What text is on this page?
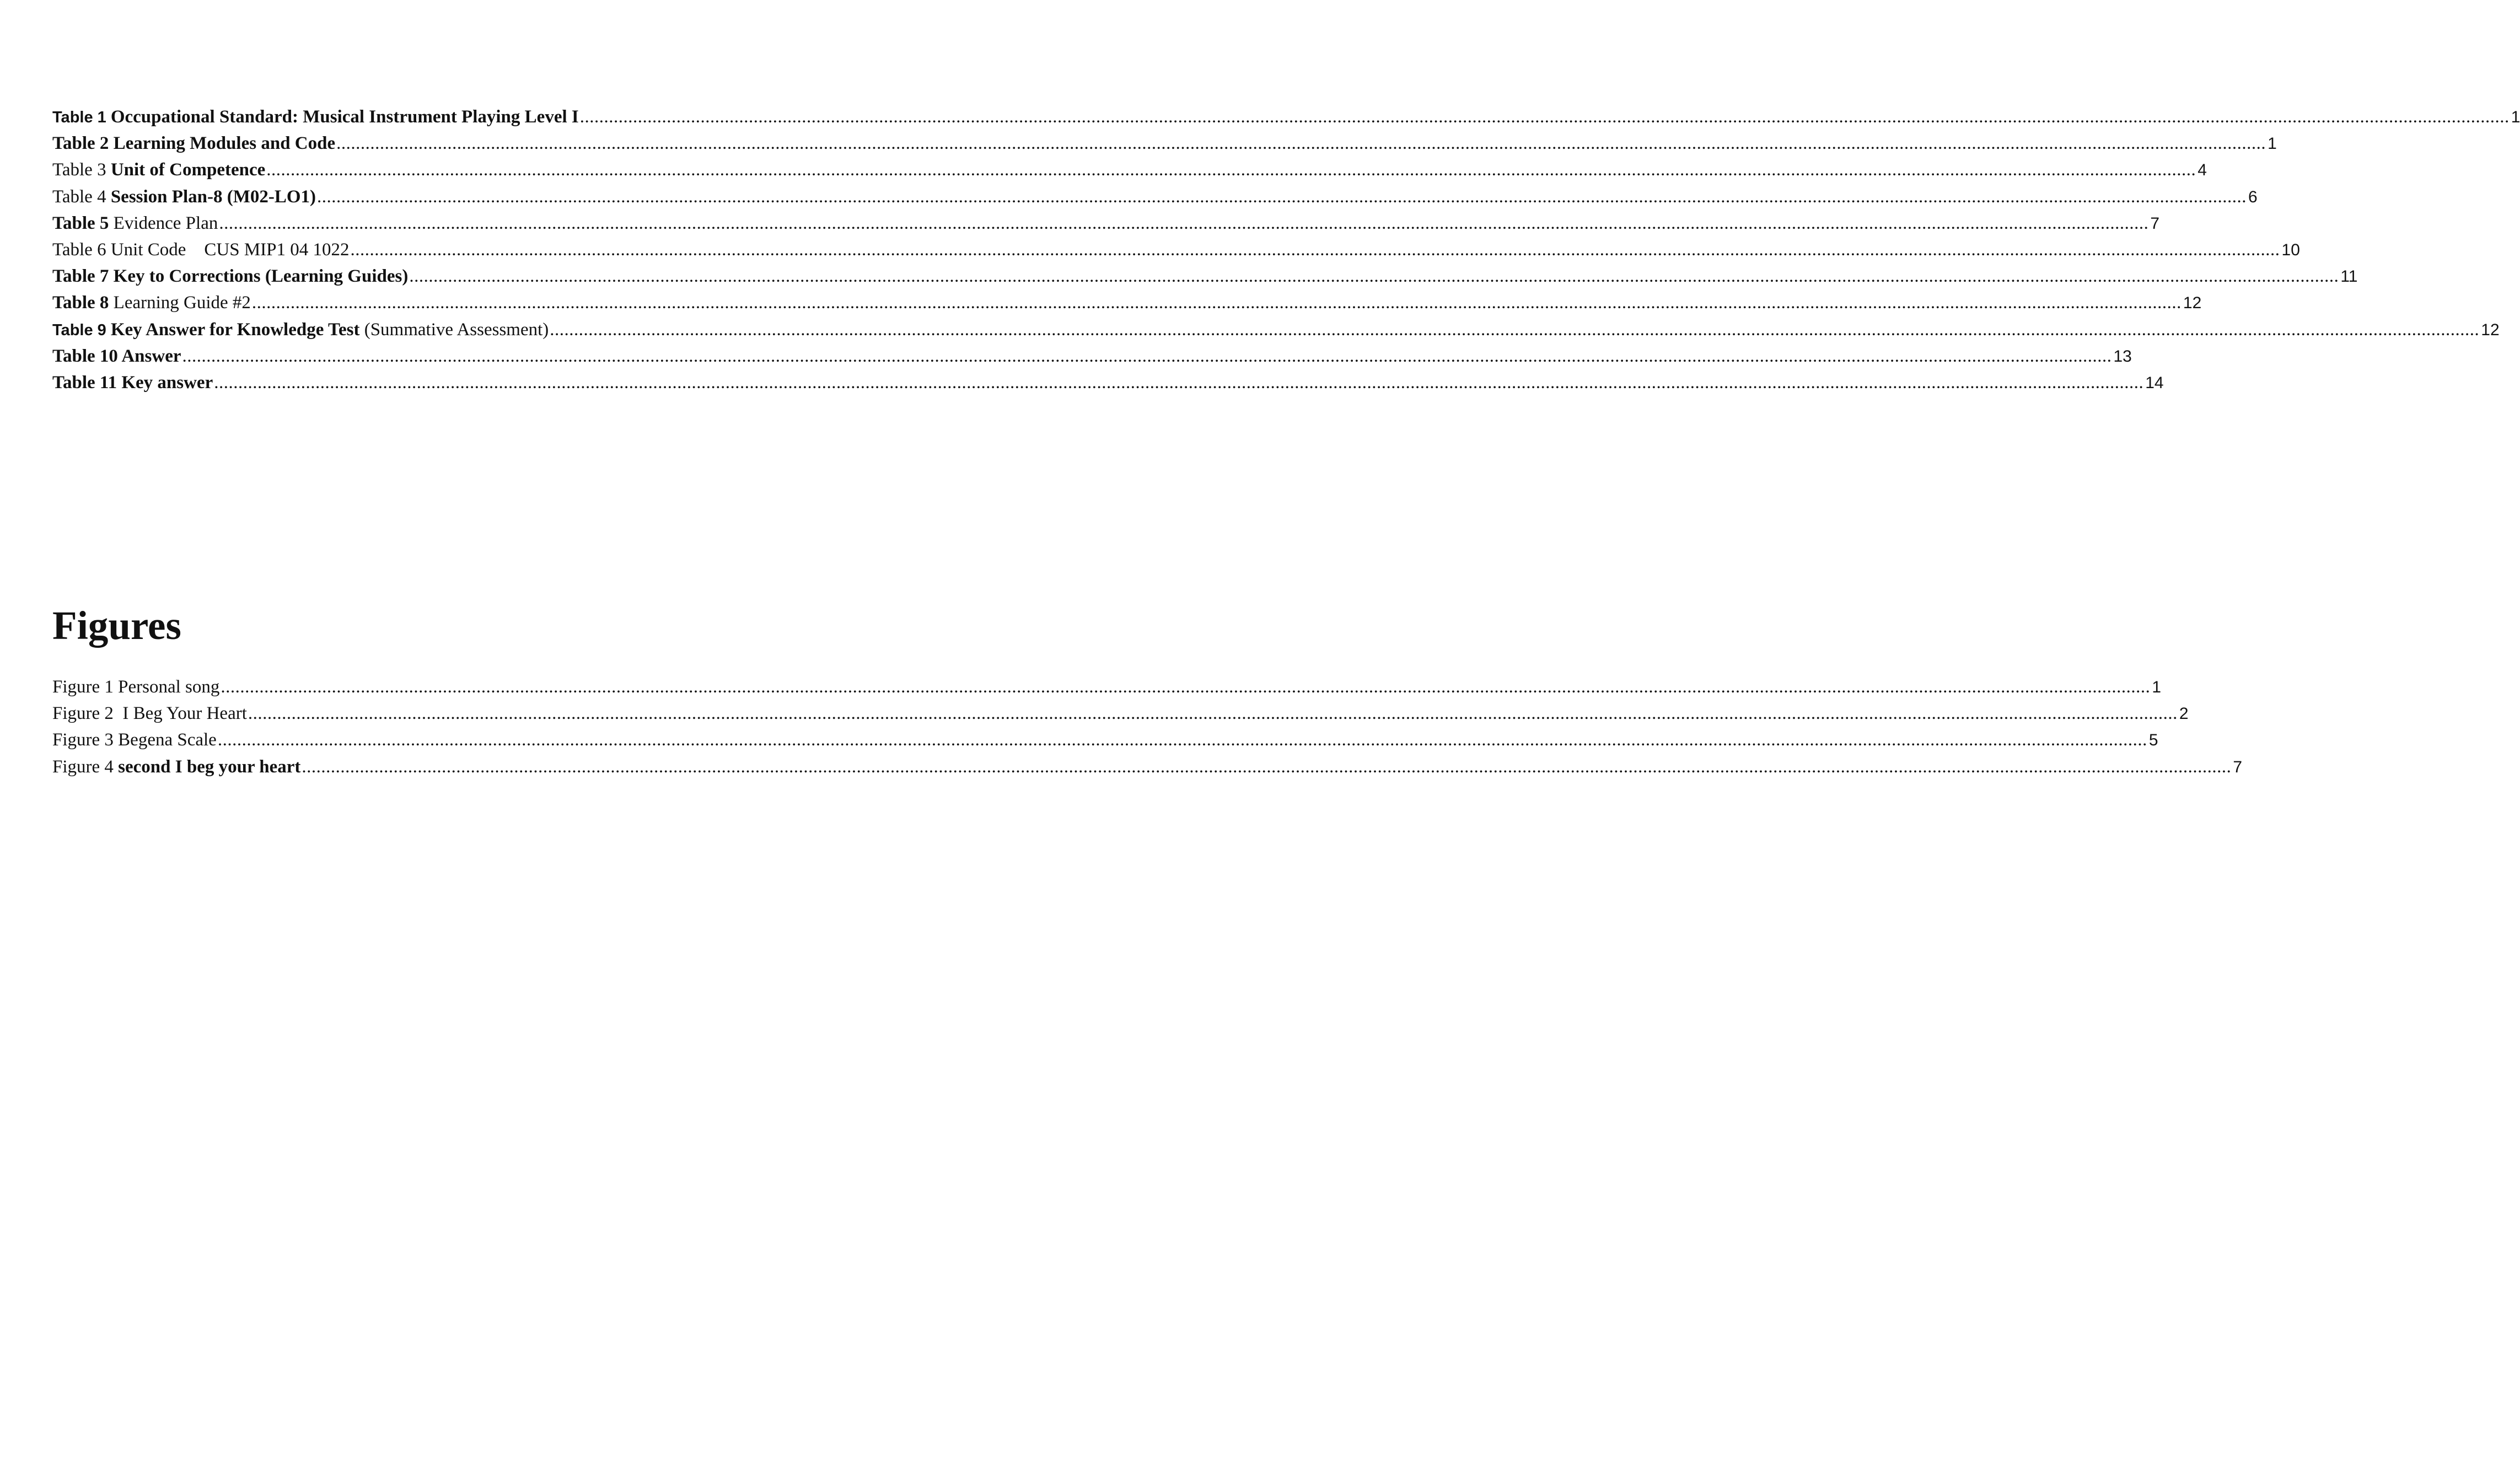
Table 1 Occupational Standard: Musical Instrument Playing Level I ................................................................................................................................................................................................................................................................................................................................................................................................................ 1
Table 2 Learning Modules and Code ................................................................................................................................................................................................................................................................................................................................................................................................................ 1
Table 3 Unit of Competence ................................................................................................................................................................................................................................................................................................................................................................................................................ 4
Table 4 Session Plan-8 (M02-LO1) ................................................................................................................................................................................................................................................................................................................................................................................................................ 6
Table 5 Evidence Plan ................................................................................................................................................................................................................................................................................................................................................................................................................ 7
Table 6 Unit Code    CUS MIP1 04 1022 ................................................................................................................................................................................................................................................................................................................................................................................................................ 10
Table 7 Key to Corrections (Learning Guides) ................................................................................................................................................................................................................................................................................................................................................................................................................ 11
Table 8 Learning Guide #2 ................................................................................................................................................................................................................................................................................................................................................................................................................ 12
Table 9 Key Answer for Knowledge Test (Summative Assessment) ................................................................................................................................................................................................................................................................................................................................................................................................................ 12
Table 10 Answer ................................................................................................................................................................................................................................................................................................................................................................................................................ 13
Table 11 Key answer ................................................................................................................................................................................................................................................................................................................................................................................................................ 14
Figures
Figure 1 Personal song ................................................................................................................................................................................................................................................................................................................................................................................................................ 1
Figure 2  I Beg Your Heart ................................................................................................................................................................................................................................................................................................................................................................................................................ 2
Figure 3 Begena Scale ................................................................................................................................................................................................................................................................................................................................................................................................................ 5
Figure 4 second I beg your heart ................................................................................................................................................................................................................................................................................................................................................................................................................ 7
